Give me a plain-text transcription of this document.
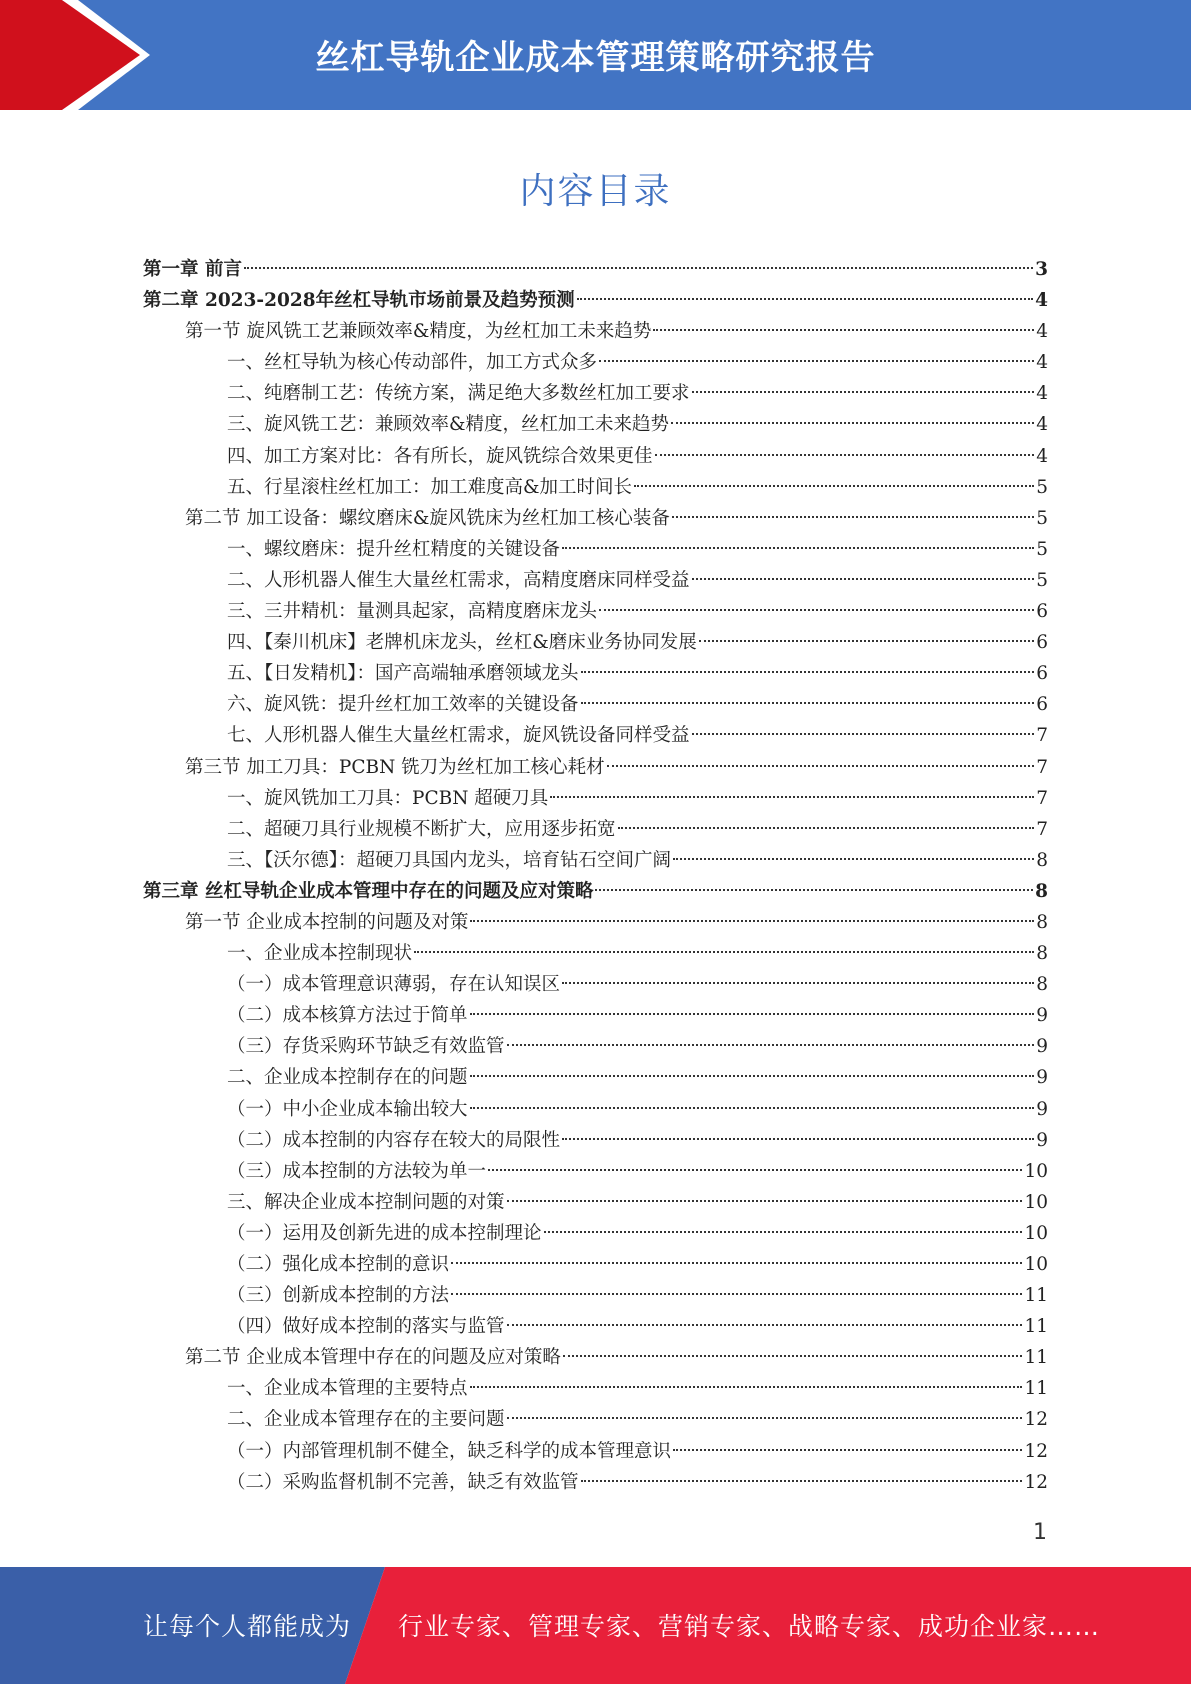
丝杠导轨企业成本管理策略研究报告
内容目录
第一章 前言	3
第二章 2023-2028年丝杠导轨市场前景及趋势预测	4
第一节 旋风铣工艺兼顾效率&精度，为丝杠加工未来趋势	4
一、丝杠导轨为核心传动部件，加工方式众多	4
二、纯磨制工艺：传统方案，满足绝大多数丝杠加工要求	4
三、旋风铣工艺：兼顾效率&精度，丝杠加工未来趋势	4
四、加工方案对比：各有所长，旋风铣综合效果更佳	4
五、行星滚柱丝杠加工：加工难度高&加工时间长	5
第二节 加工设备：螺纹磨床&旋风铣床为丝杠加工核心装备	5
一、螺纹磨床：提升丝杠精度的关键设备	5
二、人形机器人催生大量丝杠需求，高精度磨床同样受益	5
三、三井精机：量测具起家，高精度磨床龙头	6
四、【秦川机床】老牌机床龙头，丝杠&磨床业务协同发展	6
五、【日发精机】：国产高端轴承磨领域龙头	6
六、旋风铣：提升丝杠加工效率的关键设备	6
七、人形机器人催生大量丝杠需求，旋风铣设备同样受益	7
第三节 加工刀具：PCBN 铣刀为丝杠加工核心耗材	7
一、旋风铣加工刀具：PCBN 超硬刀具	7
二、超硬刀具行业规模不断扩大，应用逐步拓宽	7
三、【沃尔德】：超硬刀具国内龙头，培育钻石空间广阔	8
第三章 丝杠导轨企业成本管理中存在的问题及应对策略	8
第一节 企业成本控制的问题及对策	8
一、企业成本控制现状	8
（一）成本管理意识薄弱，存在认知误区	8
（二）成本核算方法过于简单	9
（三）存货采购环节缺乏有效监管	9
二、企业成本控制存在的问题	9
（一）中小企业成本输出较大	9
（二）成本控制的内容存在较大的局限性	9
（三）成本控制的方法较为单一	10
三、解决企业成本控制问题的对策	10
（一）运用及创新先进的成本控制理论	10
（二）强化成本控制的意识	10
（三）创新成本控制的方法	11
（四）做好成本控制的落实与监管	11
第二节 企业成本管理中存在的问题及应对策略	11
一、企业成本管理的主要特点	11
二、企业成本管理存在的主要问题	12
（一）内部管理机制不健全，缺乏科学的成本管理意识	12
（二）采购监督机制不完善，缺乏有效监管	12
1
让每个人都能成为 行业专家、管理专家、营销专家、战略专家、成功企业家……
